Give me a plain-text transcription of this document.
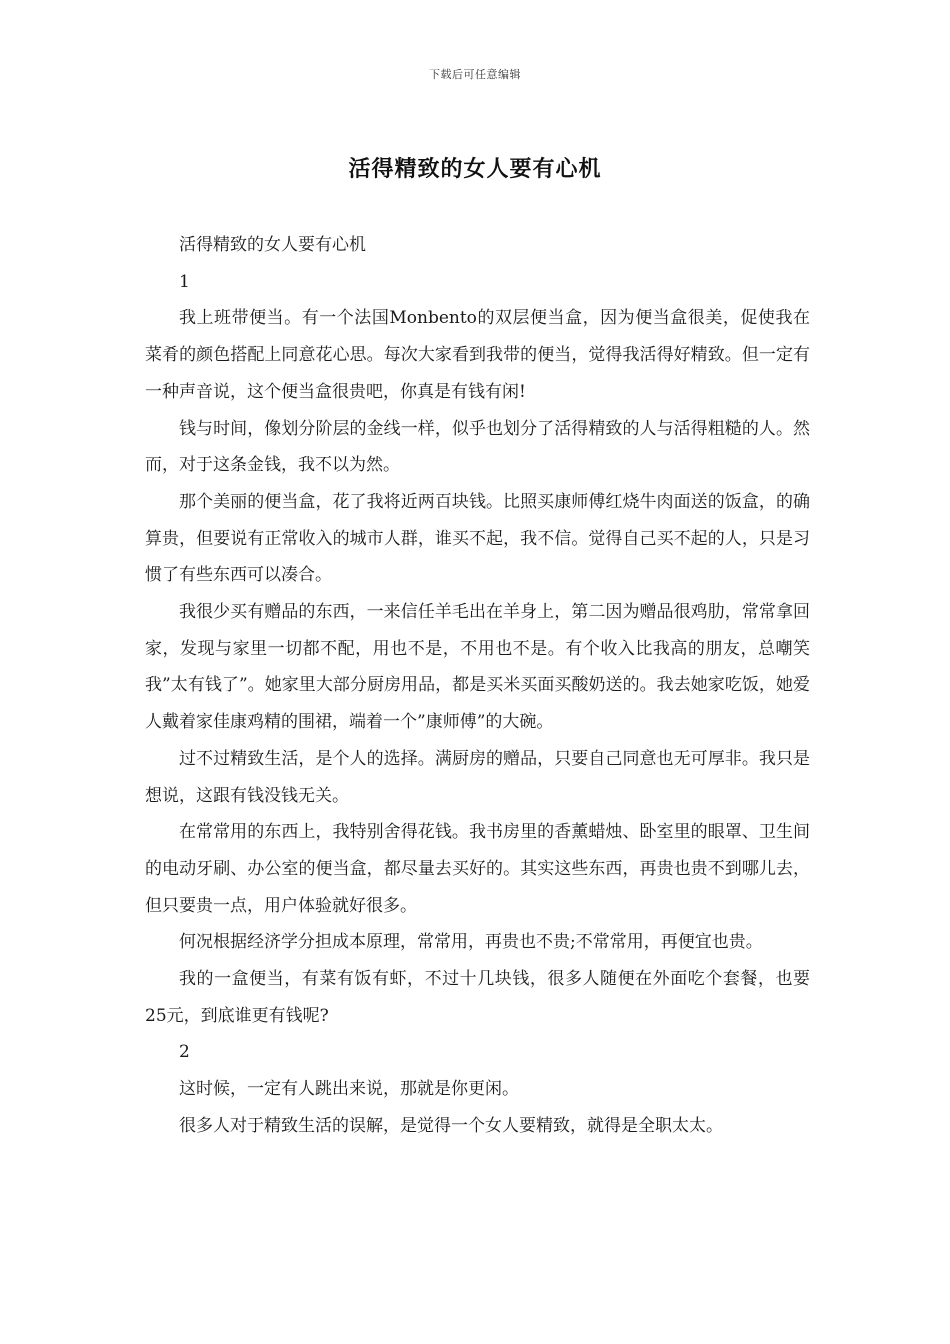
下载后可任意编辑
活得精致的女人要有心机

活得精致的女人要有心机

1

我上班带便当。有一个法国Monbento的双层便当盒，因为便当盒很美，促使我在菜肴的颜色搭配上同意花心思。每次大家看到我带的便当，觉得我活得好精致。但一定有一种声音说，这个便当盒很贵吧，你真是有钱有闲!

钱与时间，像划分阶层的金线一样，似乎也划分了活得精致的人与活得粗糙的人。然而，对于这条金钱，我不以为然。

那个美丽的便当盒，花了我将近两百块钱。比照买康师傅红烧牛肉面送的饭盒，的确算贵，但要说有正常收入的城市人群，谁买不起，我不信。觉得自己买不起的人，只是习惯了有些东西可以凑合。

我很少买有赠品的东西，一来信任羊毛出在羊身上，第二因为赠品很鸡肋，常常拿回家，发现与家里一切都不配，用也不是，不用也不是。有个收入比我高的朋友，总嘲笑我”太有钱了”。她家里大部分厨房用品，都是买米买面买酸奶送的。我去她家吃饭，她爱人戴着家佳康鸡精的围裙，端着一个”康师傅”的大碗。

过不过精致生活，是个人的选择。满厨房的赠品，只要自己同意也无可厚非。我只是想说，这跟有钱没钱无关。

在常常用的东西上，我特别舍得花钱。我书房里的香薰蜡烛、卧室里的眼罩、卫生间的电动牙刷、办公室的便当盒，都尽量去买好的。其实这些东西，再贵也贵不到哪儿去，但只要贵一点，用户体验就好很多。

何况根据经济学分担成本原理，常常用，再贵也不贵;不常常用，再便宜也贵。

我的一盒便当，有菜有饭有虾，不过十几块钱，很多人随便在外面吃个套餐，也要25元，到底谁更有钱呢?

2

这时候，一定有人跳出来说，那就是你更闲。

很多人对于精致生活的误解，是觉得一个女人要精致，就得是全职太太。
